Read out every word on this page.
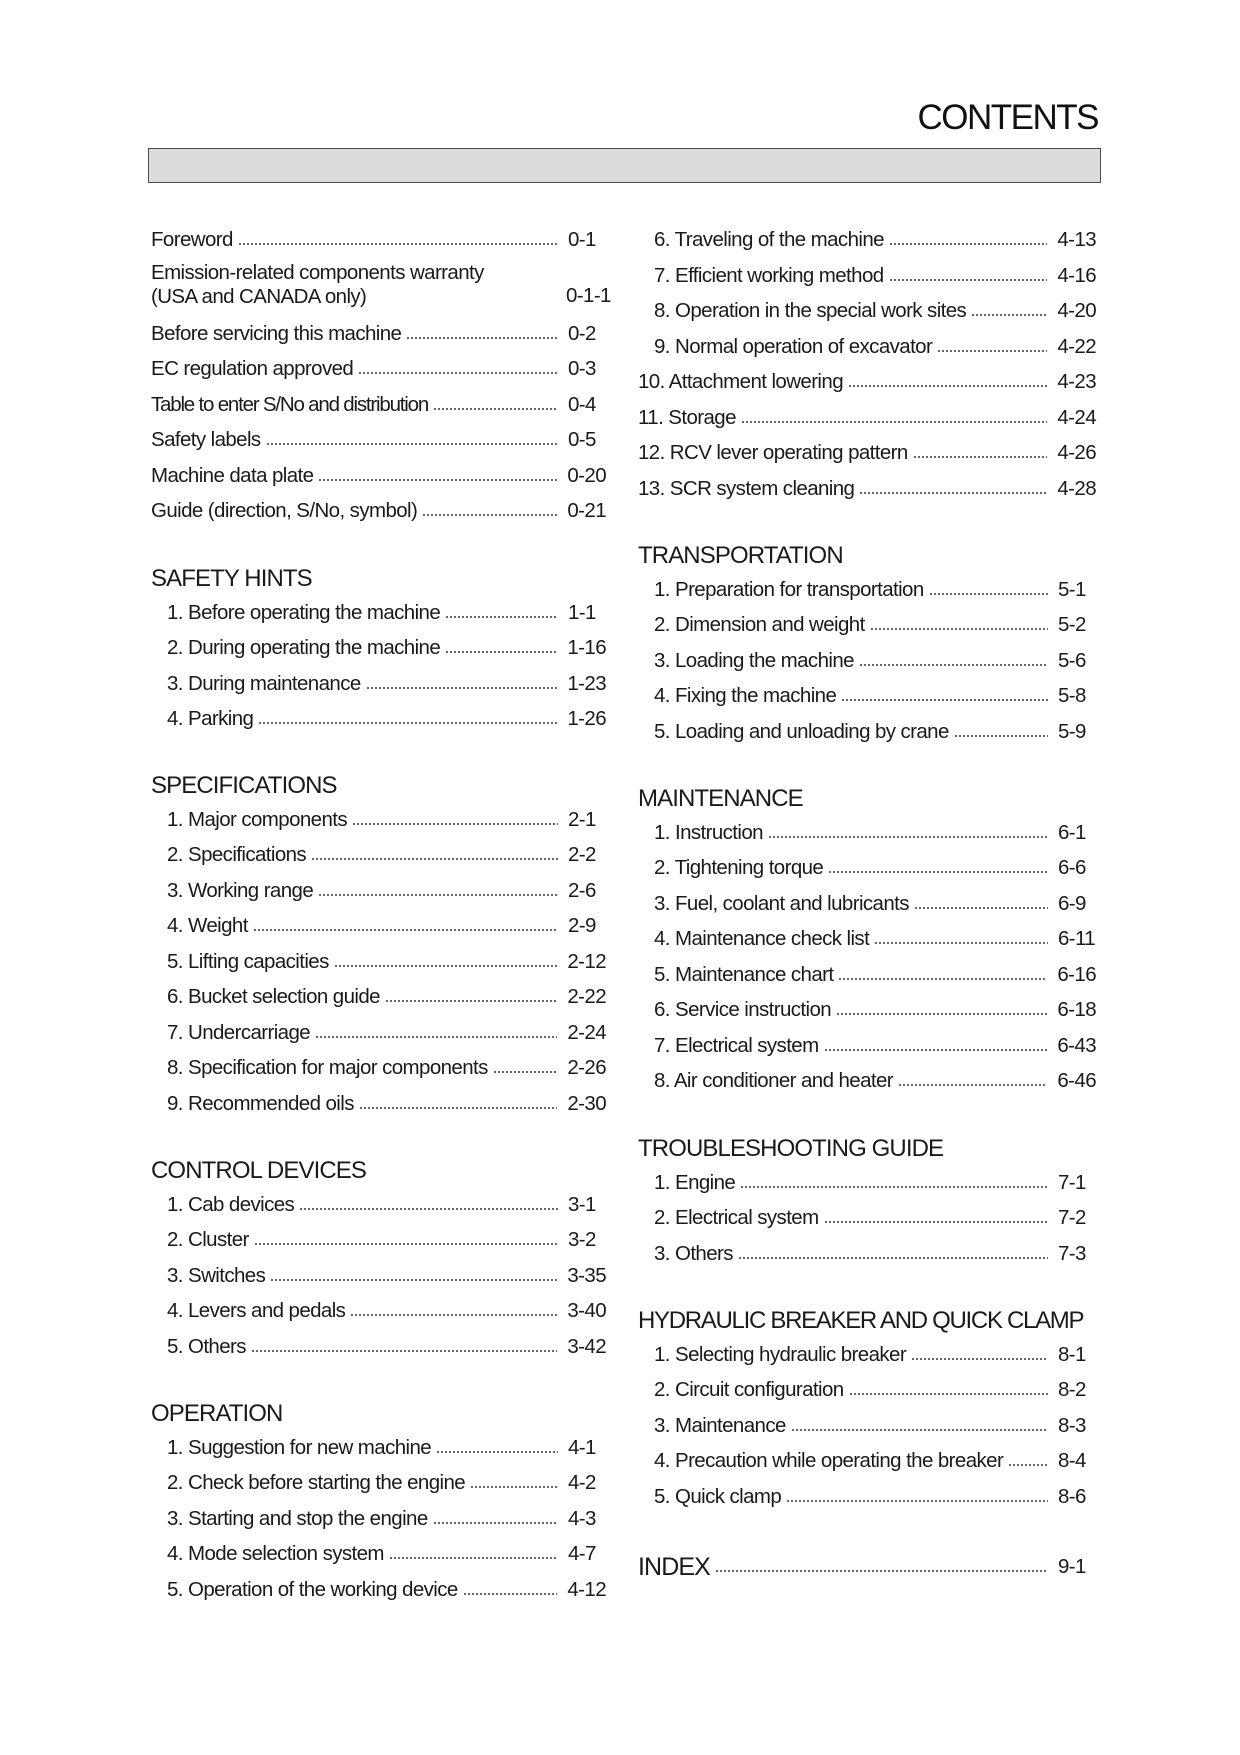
CONTENTS
Foreword	0-1
Emission-related components warranty
(USA and CANADA only)	0-1-1
Before servicing this machine	0-2
EC regulation approved	0-3
Table to enter S/No and distribution	0-4
Safety labels	0-5
Machine data plate	0-20
Guide (direction, S/No, symbol)	0-21
SAFETY HINTS
1. Before operating the machine	1-1
2. During operating the machine	1-16
3. During maintenance	1-23
4. Parking	1-26
SPECIFICATIONS
1. Major components	2-1
2. Specifications	2-2
3. Working range	2-6
4. Weight	2-9
5. Lifting capacities	2-12
6. Bucket selection guide	2-22
7. Undercarriage	2-24
8. Specification for major components	2-26
9. Recommended oils	2-30
CONTROL DEVICES
1. Cab devices	3-1
2. Cluster	3-2
3. Switches	3-35
4. Levers and pedals	3-40
5. Others	3-42
OPERATION
1. Suggestion for new machine	4-1
2. Check before starting the engine	4-2
3. Starting and stop the engine	4-3
4. Mode selection system	4-7
5. Operation of the working device	4-12
6. Traveling of the machine	4-13
7. Efficient working method	4-16
8. Operation in the special work sites	4-20
9. Normal operation of excavator	4-22
10. Attachment lowering	4-23
11. Storage	4-24
12. RCV lever operating pattern	4-26
13. SCR system cleaning	4-28
TRANSPORTATION
1. Preparation for transportation	5-1
2. Dimension and weight	5-2
3. Loading the machine	5-6
4. Fixing the machine	5-8
5. Loading and unloading by crane	5-9
MAINTENANCE
1. Instruction	6-1
2. Tightening torque	6-6
3. Fuel, coolant and lubricants	6-9
4. Maintenance check list	6-11
5. Maintenance chart	6-16
6. Service instruction	6-18
7. Electrical system	6-43
8. Air conditioner and heater	6-46
TROUBLESHOOTING GUIDE
1. Engine	7-1
2. Electrical system	7-2
3. Others	7-3
HYDRAULIC BREAKER AND QUICK CLAMP
1. Selecting hydraulic breaker	8-1
2. Circuit configuration	8-2
3. Maintenance	8-3
4. Precaution while operating the breaker	8-4
5. Quick clamp	8-6
INDEX	9-1
